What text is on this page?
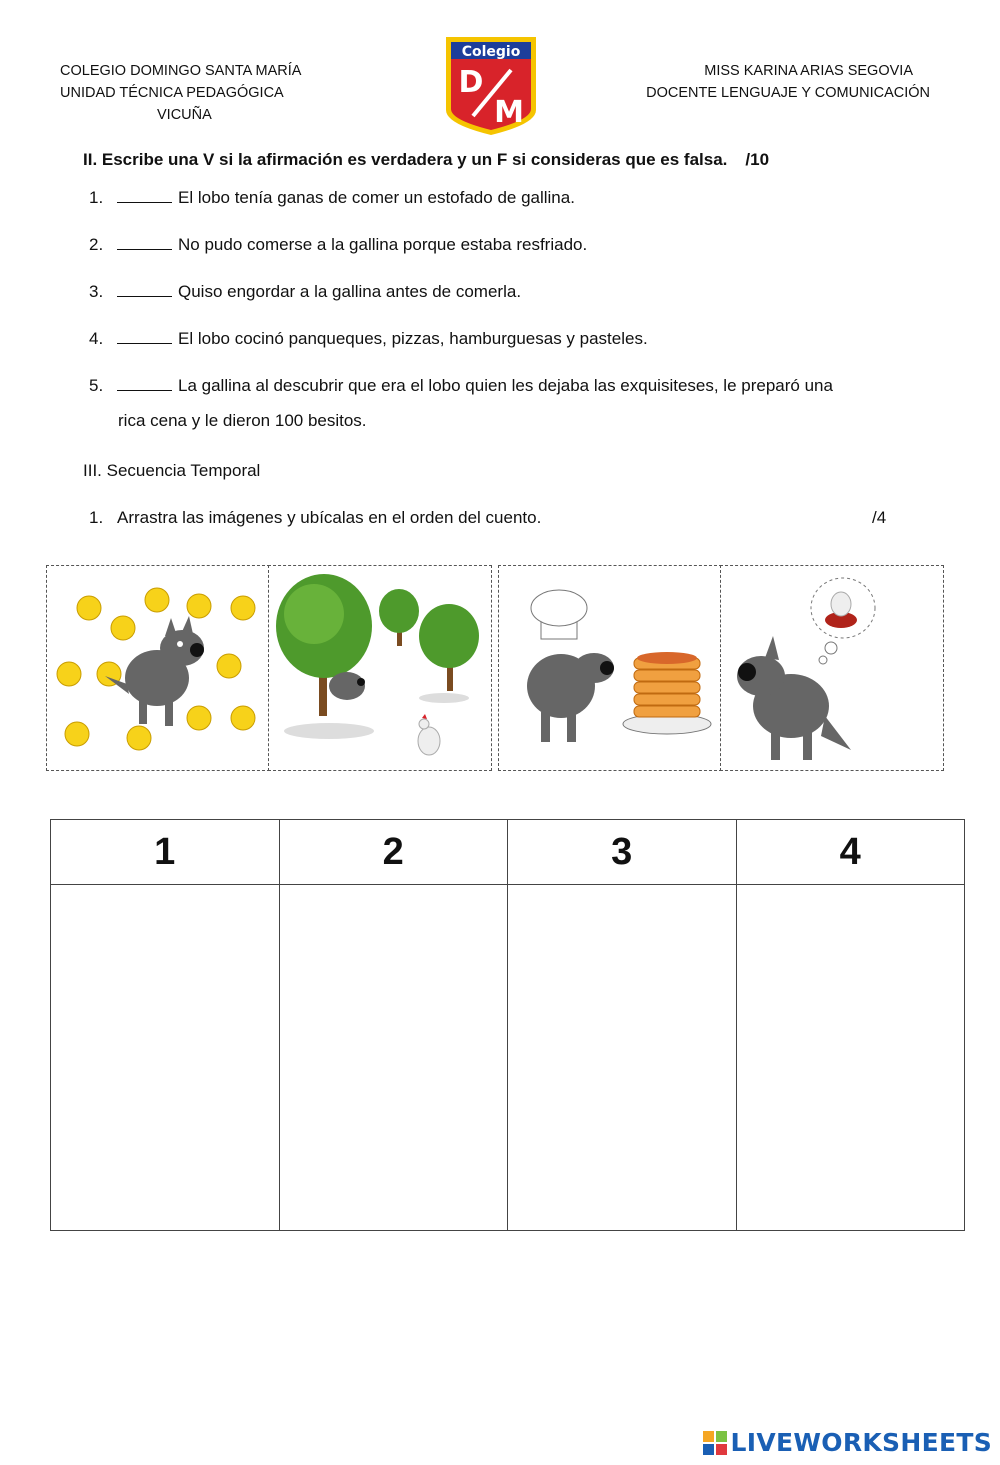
COLEGIO DOMINGO SANTA MARÍA
UNIDAD TÉCNICA PEDAGÓGICA
VICUÑA
Colegio
D
M
MISS KARINA ARIAS SEGOVIA
DOCENTE LENGUAJE Y COMUNICACIÓN
II. Escribe una V si la afirmación es verdadera y un F si consideras que es falsa. /10
1.	El lobo tenía ganas de comer un estofado de gallina.
2.	No pudo comerse a la gallina porque estaba resfriado.
3.	Quiso engordar a la gallina antes de comerla.
4.	El lobo cocinó panqueques, pizzas, hamburguesas y pasteles.
5.	La gallina al descubrir que era el lobo quien les dejaba las exquisiteses, le preparó una
rica cena y le dieron 100 besitos.
III. Secuencia Temporal
1. Arrastra las imágenes y ubícalas en el orden del cuento.	/4
1	2	3	4

LIVEWORKSHEETS
